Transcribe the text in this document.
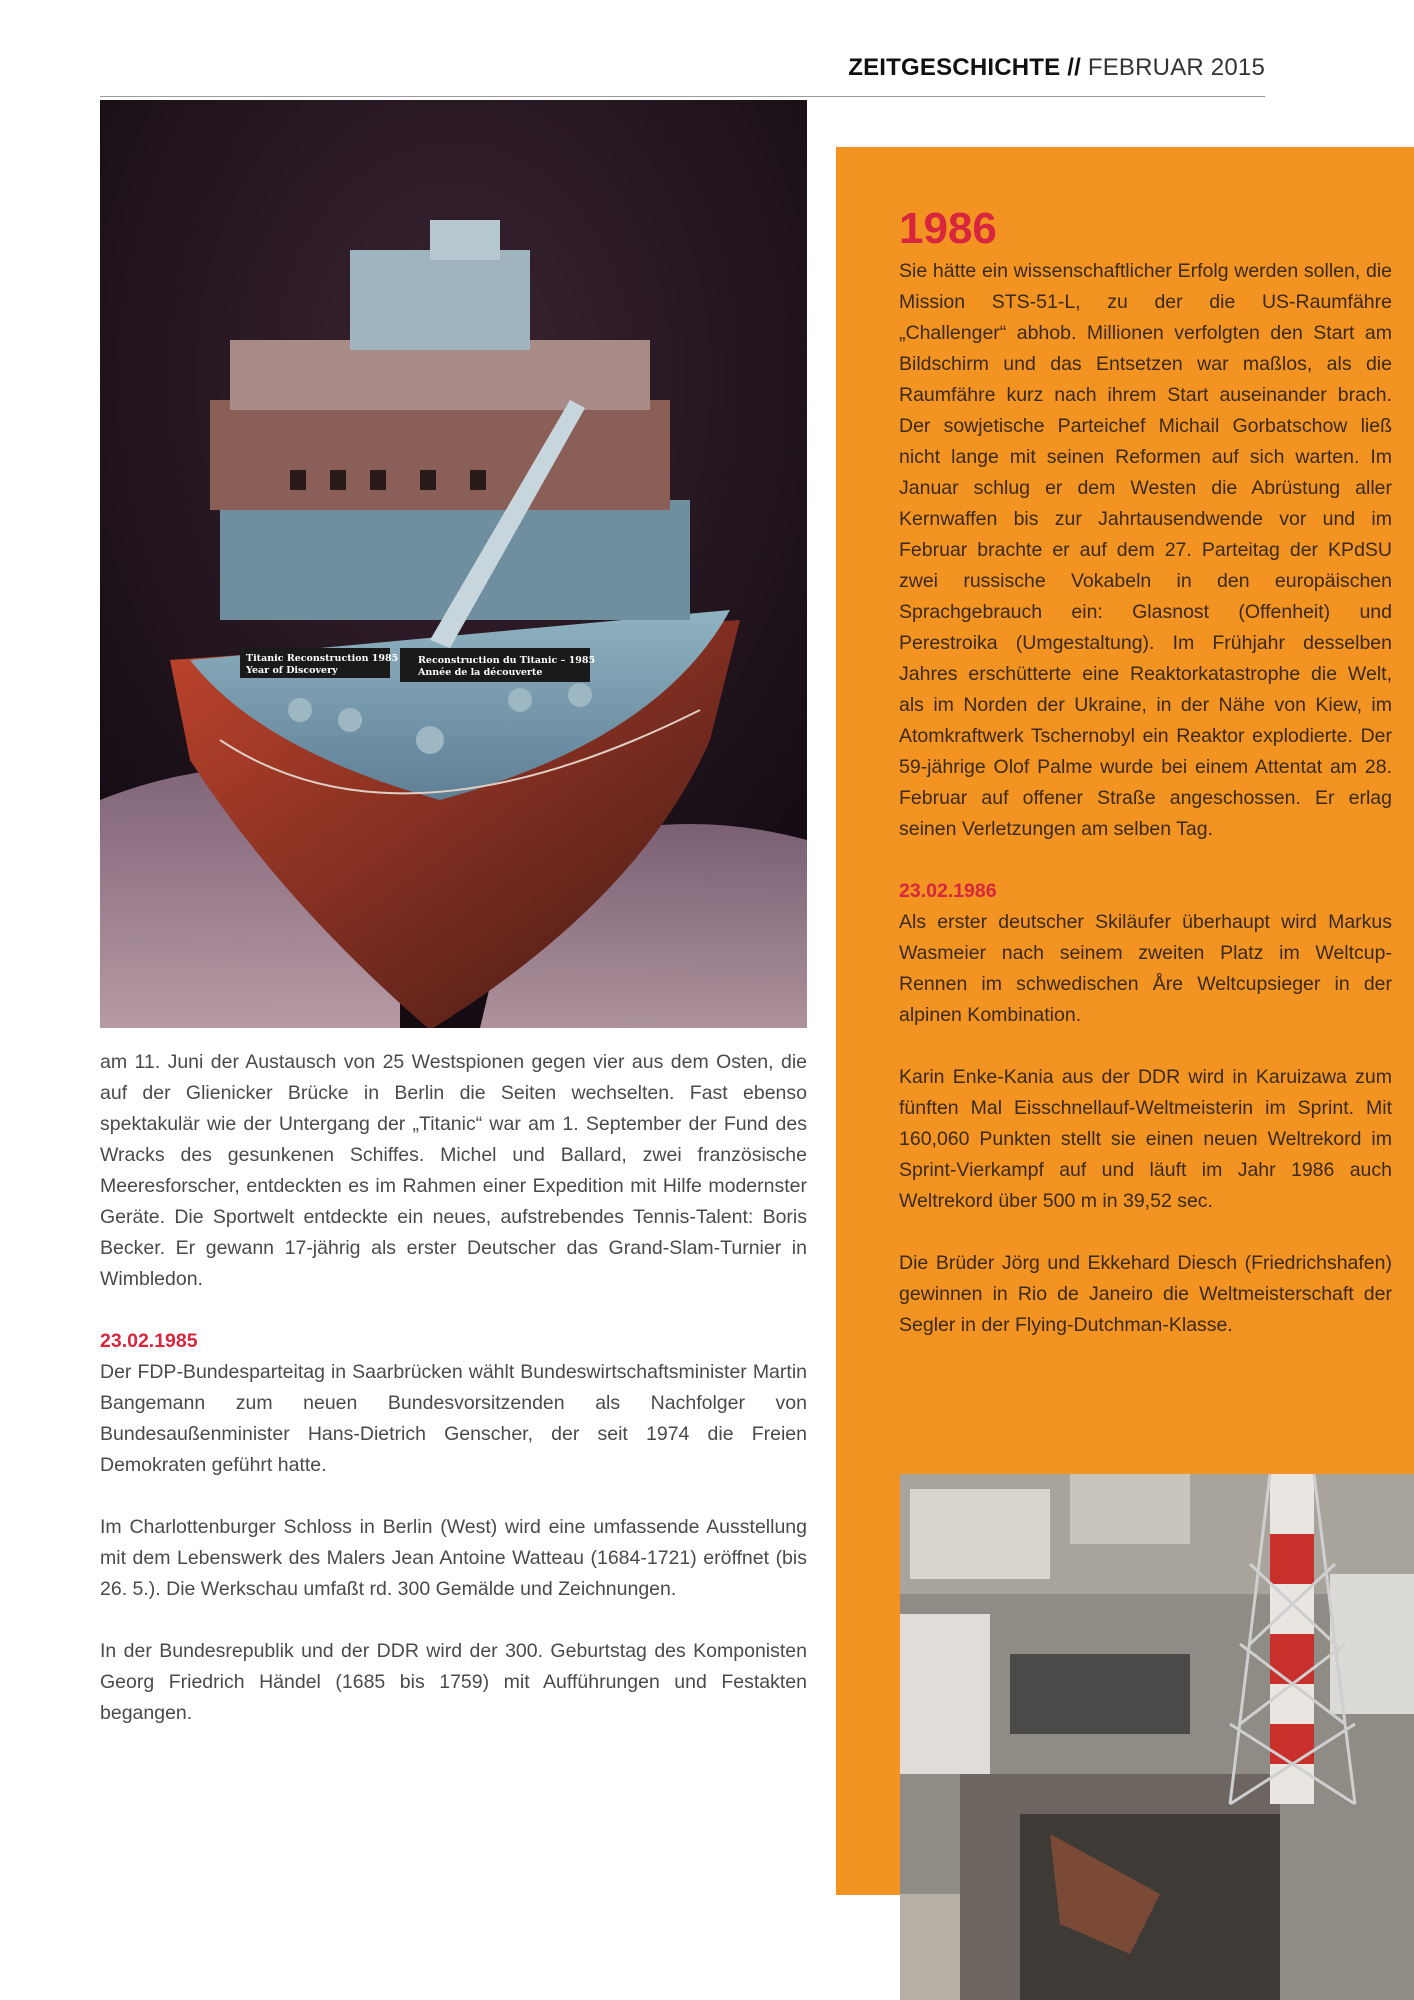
ZEITGESCHICHTE // FEBRUAR 2015
Titanic Reconstruction 1985
Year of Discovery
Reconstruction du Titanic – 1985
Année de la découverte
1986

Sie hätte ein wissenschaftlicher Erfolg werden sollen, die Mission STS-51-L, zu der die US-Raumfähre „Challenger“ abhob. Millionen verfolgten den Start am Bildschirm und das Entsetzen war maßlos, als die Raumfähre kurz nach ihrem Start auseinander brach. Der sowjetische Parteichef Michail Gorbatschow ließ nicht lange mit seinen Reformen auf sich warten. Im Januar schlug er dem Westen die Abrüstung aller Kernwaffen bis zur Jahrtausendwende vor und im Februar brachte er auf dem 27. Parteitag der KPdSU zwei russische Vokabeln in den europäischen Sprachgebrauch ein: Glasnost (Offenheit) und Perestroika (Umgestaltung). Im Frühjahr desselben Jahres erschütterte eine Reaktorkatastrophe die Welt, als im Norden der Ukraine, in der Nähe von Kiew, im Atomkraftwerk Tschernobyl ein Reaktor explodierte. Der 59-jährige Olof Palme wurde bei einem Attentat am 28. Februar auf offener Straße angeschossen. Er erlag seinen Verletzungen am selben Tag.

23.02.1986

Als erster deutscher Skiläufer überhaupt wird Markus Wasmeier nach seinem zweiten Platz im Weltcup-Rennen im schwedischen Åre Weltcupsieger in der alpinen Kombination.

Karin Enke-Kania aus der DDR wird in Karuizawa zum fünften Mal Eisschnellauf-Weltmeisterin im Sprint. Mit 160,060 Punkten stellt sie einen neuen Weltrekord im Sprint-Vierkampf auf und läuft im Jahr 1986 auch Weltrekord über 500 m in 39,52 sec.

Die Brüder Jörg und Ekkehard Diesch (Friedrichshafen) gewinnen in Rio de Janeiro die Weltmeisterschaft der Segler in der Flying-Dutchman-Klasse.

am 11. Juni der Austausch von 25 Westspionen gegen vier aus dem Osten, die auf der Glienicker Brücke in Berlin die Seiten wechselten. Fast ebenso spektakulär wie der Untergang der „Titanic“ war am 1. September der Fund des Wracks des gesunkenen Schiffes. Michel und Ballard, zwei französische Meeresforscher, entdeckten es im Rahmen einer Expedition mit Hilfe modernster Geräte. Die Sportwelt entdeckte ein neues, aufstrebendes Tennis-Talent: Boris Becker. Er gewann 17-jährig als erster Deutscher das Grand-Slam-Turnier in Wimbledon.

23.02.1985

Der FDP-Bundesparteitag in Saarbrücken wählt Bundeswirtschaftsminister Martin Bangemann zum neuen Bundesvorsitzenden als Nachfolger von Bundesaußenminister Hans-Dietrich Genscher, der seit 1974 die Freien Demokraten geführt hatte.

Im Charlottenburger Schloss in Berlin (West) wird eine umfassende Ausstellung mit dem Lebenswerk des Malers Jean Antoine Watteau (1684-1721) eröffnet (bis 26. 5.). Die Werkschau umfaßt rd. 300 Gemälde und Zeichnungen.

In der Bundesrepublik und der DDR wird der 300. Geburtstag des Komponisten Georg Friedrich Händel (1685 bis 1759) mit Aufführungen und Festakten begangen.
